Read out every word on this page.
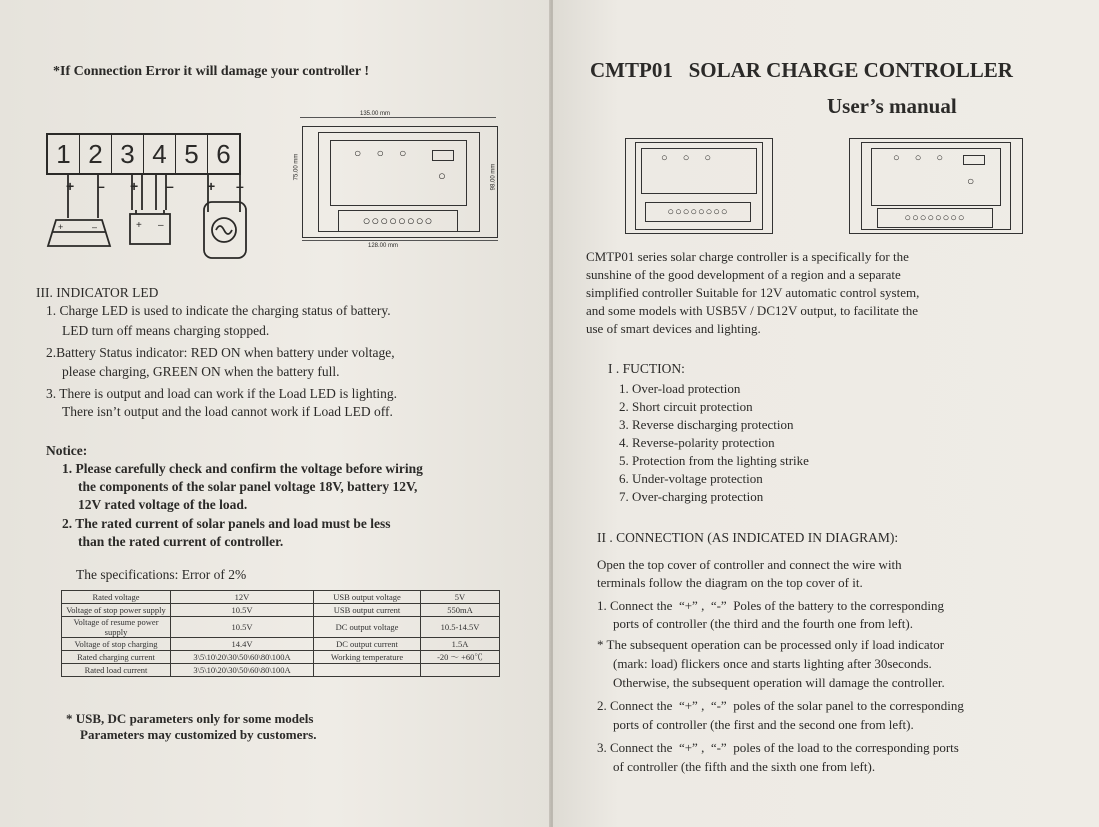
*If Connection Error it will damage your controller !
1 2 3 4 5 6
+ – + – + –
+	–	+ –
135.00 mm
128.00 mm
75.00 mm	98.00 mm
○ ○ ○
○
○○○○○○○○
III. INDICATOR LED
1. Charge LED is used to indicate the charging status of battery.
LED turn off means charging stopped.
2.Battery Status indicator: RED ON when battery under voltage,
please charging, GREEN ON when the battery full.
3. There is output and load can work if the Load LED is lighting.
There isn’t output and the load cannot work if Load LED off.
Notice:
1. Please carefully check and confirm the voltage before wiring
the components of the solar panel voltage 18V, battery 12V,
12V rated voltage of the load.
2. The rated current of solar panels and load must be less
than the rated current of controller.
The specifications: Error of 2%
Rated voltage	12V	USB output voltage	5V
Voltage of stop power supply	10.5V	USB output current	550mA
Voltage of resume power supply	10.5V	DC output voltage	10.5-14.5V
Voltage of stop charging	14.4V	DC output current	1.5A
Rated charging current	3\5\10\20\30\50\60\80\100A	Working temperature	-20 ～ +60℃
Rated load current	3\5\10\20\30\50\60\80\100A		
* USB, DC parameters only for some models
Parameters may customized by customers.
CMTP01   SOLAR CHARGE CONTROLLER
User’s manual
○ ○ ○
○○○○○○○○
○ ○ ○
○
○○○○○○○○
CMTP01 series solar charge controller is a specifically for the
sunshine of the good development of a region and a separate
simplified controller Suitable for 12V automatic control system,
and some models with USB5V / DC12V output, to facilitate the
use of smart devices and lighting.
I . FUCTION:
1. Over-load protection
2. Short circuit protection
3. Reverse discharging protection
4. Reverse-polarity protection
5. Protection from the lighting strike
6. Under-voltage protection
7. Over-charging protection
II . CONNECTION (AS INDICATED IN DIAGRAM):
Open the top cover of controller and connect the wire with
terminals follow the diagram on the top cover of it.
1. Connect the  “+” ,  “-”  Poles of the battery to the corresponding
ports of controller (the third and the fourth one from left).
* The subsequent operation can be processed only if load indicator
(mark: load) flickers once and starts lighting after 30seconds.
Otherwise, the subsequent operation will damage the controller.
2. Connect the  “+” ,  “-”  poles of the solar panel to the corresponding
ports of controller (the first and the second one from left).
3. Connect the  “+” ,  “-”  poles of the load to the corresponding ports
of controller (the fifth and the sixth one from left).
